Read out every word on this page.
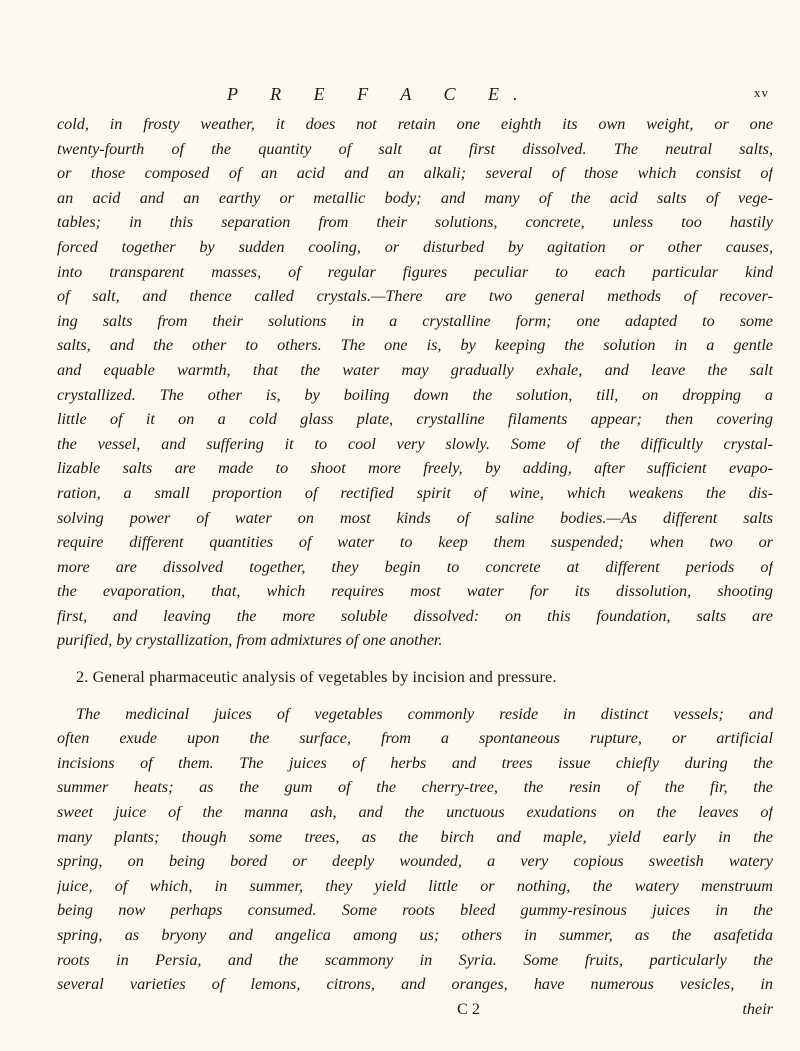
P R E F A C E.	xv
cold, in frosty weather, it does not retain one eighth its own weight, or one
twenty-fourth of the quantity of salt at first dissolved. The neutral salts,
or those composed of an acid and an alkali; several of those which consist of
an acid and an earthy or metallic body; and many of the acid salts of vege-
tables; in this separation from their solutions, concrete, unless too hastily
forced together by sudden cooling, or disturbed by agitation or other causes,
into transparent masses, of regular figures peculiar to each particular kind
of salt, and thence called crystals.—There are two general methods of recover-
ing salts from their solutions in a crystalline form; one adapted to some
salts, and the other to others. The one is, by keeping the solution in a gentle
and equable warmth, that the water may gradually exhale, and leave the salt
crystallized. The other is, by boiling down the solution, till, on dropping a
little of it on a cold glass plate, crystalline filaments appear; then covering
the vessel, and suffering it to cool very slowly. Some of the difficultly crystal-
lizable salts are made to shoot more freely, by adding, after sufficient evapo-
ration, a small proportion of rectified spirit of wine, which weakens the dis-
solving power of water on most kinds of saline bodies.—As different salts
require different quantities of water to keep them suspended; when two or
more are dissolved together, they begin to concrete at different periods of
the evaporation, that, which requires most water for its dissolution, shooting
first, and leaving the more soluble dissolved: on this foundation, salts are
purified, by crystallization, from admixtures of one another.
2. General pharmaceutic analysis of vegetables by incision and pressure.
The medicinal juices of vegetables commonly reside in distinct vessels; and
often exude upon the surface, from a spontaneous rupture, or artificial
incisions of them. The juices of herbs and trees issue chiefly during the
summer heats; as the gum of the cherry-tree, the resin of the fir, the
sweet juice of the manna ash, and the unctuous exudations on the leaves of
many plants; though some trees, as the birch and maple, yield early in the
spring, on being bored or deeply wounded, a very copious sweetish watery
juice, of which, in summer, they yield little or nothing, the watery menstruum
being now perhaps consumed. Some roots bleed gummy-resinous juices in the
spring, as bryony and angelica among us; others in summer, as the asafetida
roots in Persia, and the scammony in Syria. Some fruits, particularly the
several varieties of lemons, citrons, and oranges, have numerous vesicles, in
C 2	their
